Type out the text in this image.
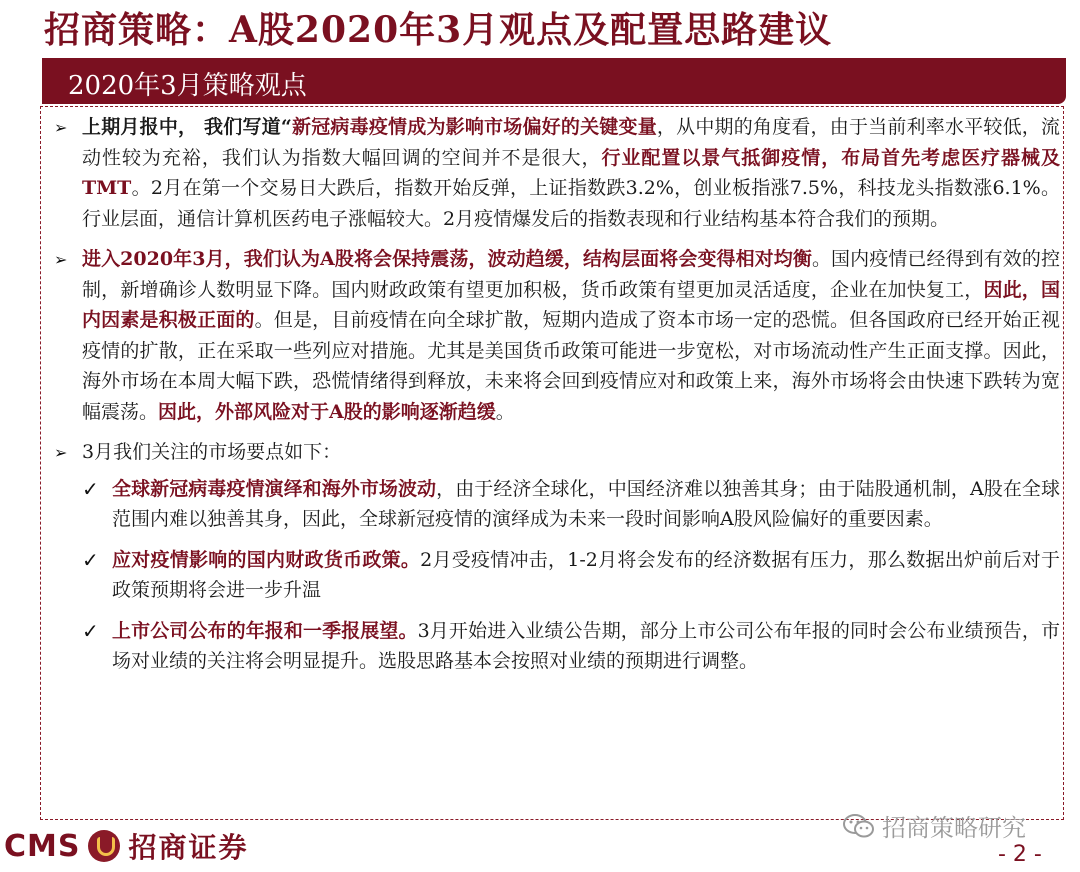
招商策略：A股2020年3月观点及配置思路建议
2020年3月策略观点
➢ 上期月报中， 我们写道“新冠病毒疫情成为影响市场偏好的关键变量，从中期的角度看，由于当前利率水平较低，流动性较为充裕，我们认为指数大幅回调的空间并不是很大，行业配置以景气抵御疫情，布局首先考虑医疗器械及TMT。2月在第一个交易日大跌后，指数开始反弹，上证指数跌3.2%，创业板指涨7.5%，科技龙头指数涨6.1%。行业层面，通信计算机医药电子涨幅较大。2月疫情爆发后的指数表现和行业结构基本符合我们的预期。
➢ 进入2020年3月，我们认为A股将会保持震荡，波动趋缓，结构层面将会变得相对均衡。国内疫情已经得到有效的控制，新增确诊人数明显下降。国内财政政策有望更加积极，货币政策有望更加灵活适度，企业在加快复工，因此，国内因素是积极正面的。但是，目前疫情在向全球扩散，短期内造成了资本市场一定的恐慌。但各国政府已经开始正视疫情的扩散，正在采取一些列应对措施。尤其是美国货币政策可能进一步宽松，对市场流动性产生正面支撑。因此，海外市场在本周大幅下跌，恐慌情绪得到释放，未来将会回到疫情应对和政策上来，海外市场将会由快速下跌转为宽幅震荡。因此，外部风险对于A股的影响逐渐趋缓。
➢ 3月我们关注的市场要点如下：
✓ 全球新冠病毒疫情演绎和海外市场波动，由于经济全球化，中国经济难以独善其身；由于陆股通机制，A股在全球范围内难以独善其身，因此，全球新冠疫情的演绎成为未来一段时间影响A股风险偏好的重要因素。
✓ 应对疫情影响的国内财政货币政策。2月受疫情冲击，1-2月将会发布的经济数据有压力，那么数据出炉前后对于政策预期将会进一步升温
✓ 上市公司公布的年报和一季报展望。3月开始进入业绩公告期，部分上市公司公布年报的同时会公布业绩预告，市场对业绩的关注将会明显提升。选股思路基本会按照对业绩的预期进行调整。
CMS 招商证券
招商策略研究
- 2 -
